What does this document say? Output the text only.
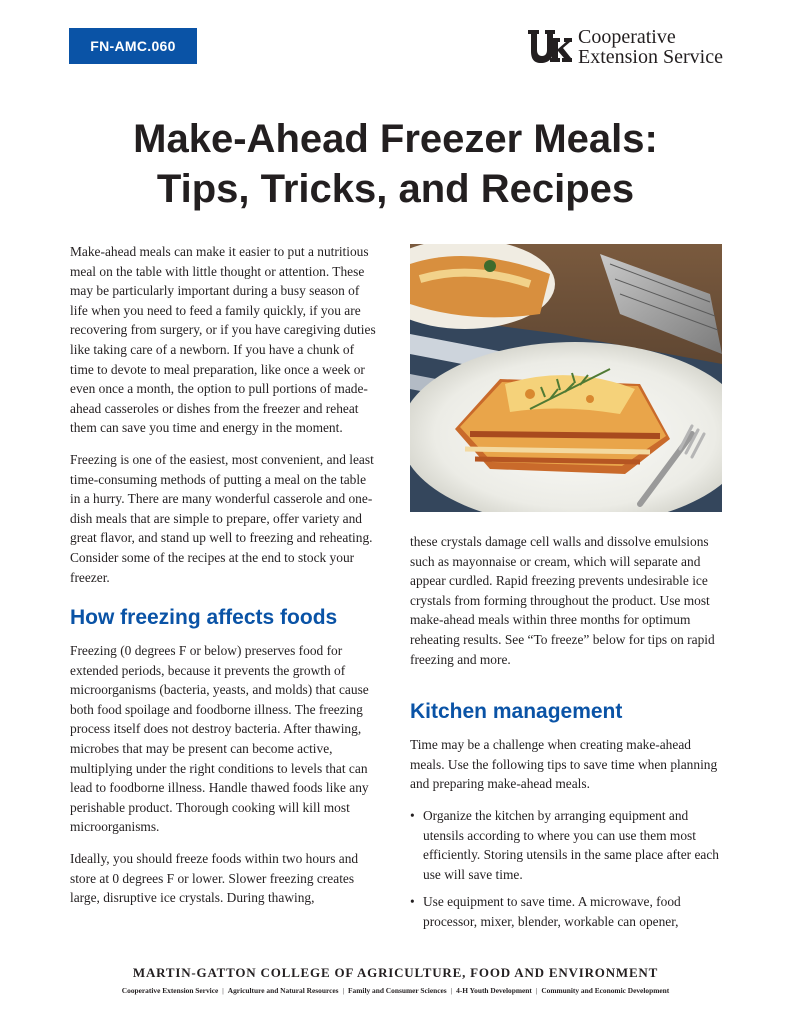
FN-AMC.060	Cooperative
Extension Service
Make-Ahead Freezer Meals:
Tips, Tricks, and Recipes

Make-ahead meals can make it easier to put a nutritious meal on the table with little thought or attention. These may be particularly important during a busy season of life when you need to feed a family quickly, if you are recovering from surgery, or if you have caregiving duties like taking care of a newborn. If you have a chunk of time to devote to meal preparation, like once a week or even once a month, the option to pull portions of made-ahead casseroles or dishes from the freezer and reheat them can save you time and energy in the moment.

Freezing is one of the easiest, most convenient, and least time-consuming methods of putting a meal on the table in a hurry. There are many wonderful casserole and one-dish meals that are simple to prepare, offer variety and great flavor, and stand up well to freezing and reheating. Consider some of the recipes at the end to stock your freezer.

How freezing affects foods

Freezing (0 degrees F or below) preserves food for extended periods, because it prevents the growth of microorganisms (bacteria, yeasts, and molds) that cause both food spoilage and foodborne illness. The freezing process itself does not destroy bacteria. After thawing, microbes that may be present can become active, multiplying under the right conditions to levels that can lead to foodborne illness. Handle thawed foods like any perishable product. Thorough cooking will kill most microorganisms.

Ideally, you should freeze foods within two hours and store at 0 degrees F or lower. Slower freezing creates large, disruptive ice crystals. During thawing,

these crystals damage cell walls and dissolve emulsions such as mayonnaise or cream, which will separate and appear curdled. Rapid freezing prevents undesirable ice crystals from forming throughout the product. Use most make-ahead meals within three months for optimum reheating results. See “To freeze” below for tips on rapid freezing and more.

Kitchen management

Time may be a challenge when creating make-ahead meals. Use the following tips to save time when planning and preparing make-ahead meals.

• Organize the kitchen by arranging equipment and utensils according to where you can use them most efficiently. Storing utensils in the same place after each use will save time.
• Use equipment to save time. A microwave, food processor, mixer, blender, workable can opener,
MARTIN-GATTON COLLEGE OF AGRICULTURE, FOOD AND ENVIRONMENT
Cooperative Extension Service | Agriculture and Natural Resources | Family and Consumer Sciences | 4-H Youth Development | Community and Economic Development
